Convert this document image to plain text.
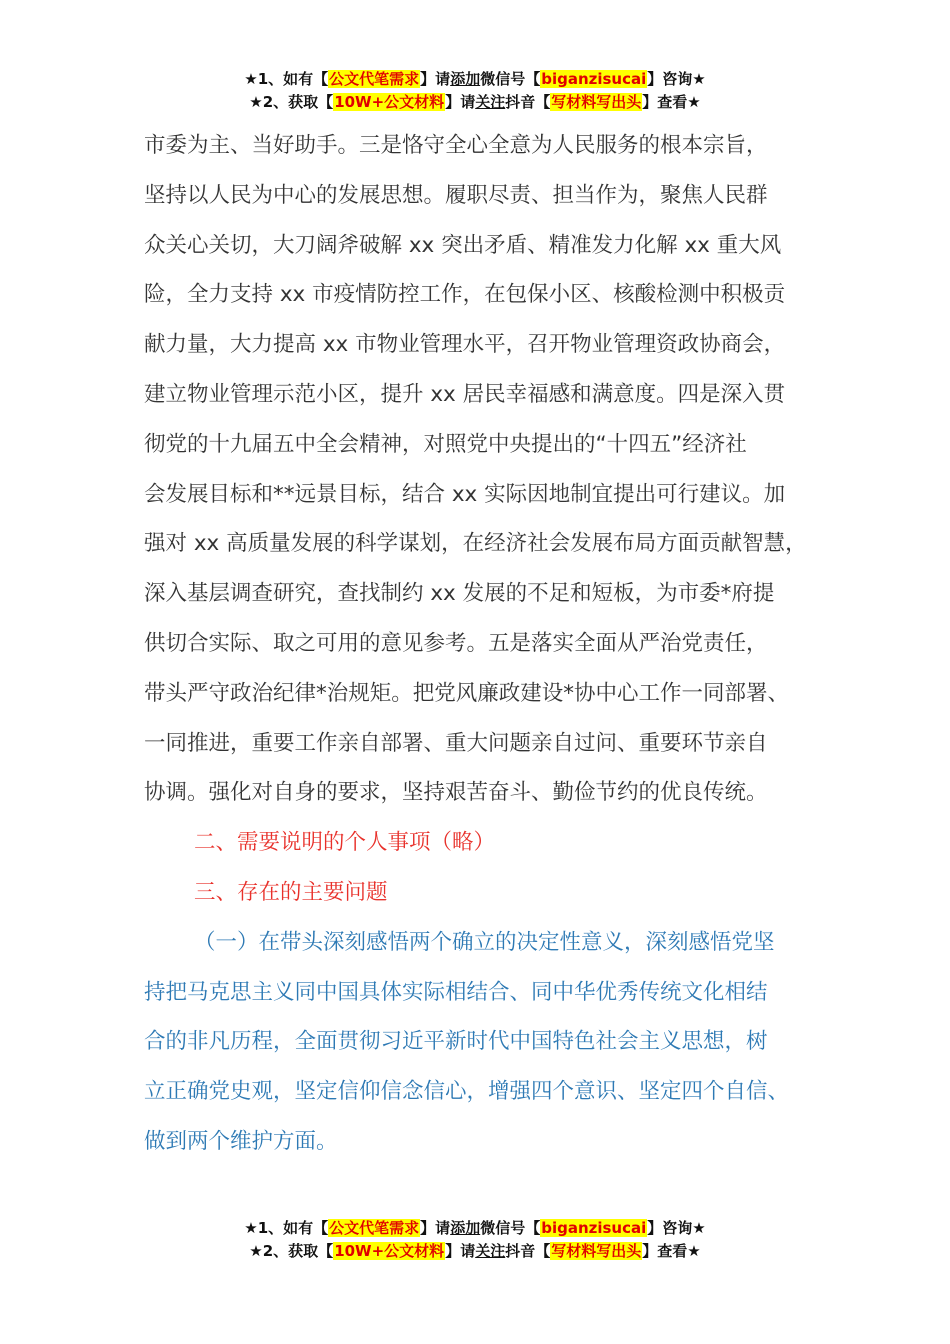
★1、如有【公文代笔需求】请添加微信号【biganzisucai】咨询★
★2、获取【10W+公文材料】请关注抖音【写材料写出头】查看★
市委为主、当好助手。三是恪守全心全意为人民服务的根本宗旨，
坚持以人民为中心的发展思想。履职尽责、担当作为，聚焦人民群
众关心关切，大刀阔斧破解 xx 突出矛盾、精准发力化解 xx 重大风
险，全力支持 xx 市疫情防控工作，在包保小区、核酸检测中积极贡
献力量，大力提高 xx 市物业管理水平，召开物业管理资政协商会，
建立物业管理示范小区，提升 xx 居民幸福感和满意度。四是深入贯
彻党的十九届五中全会精神，对照党中央提出的“十四五”经济社
会发展目标和**远景目标，结合 xx 实际因地制宜提出可行建议。加
强对 xx 高质量发展的科学谋划，在经济社会发展布局方面贡献智慧，
深入基层调查研究，查找制约 xx 发展的不足和短板，为市委*府提
供切合实际、取之可用的意见参考。五是落实全面从严治党责任，
带头严守政治纪律*治规矩。把党风廉政建设*协中心工作一同部署、
一同推进，重要工作亲自部署、重大问题亲自过问、重要环节亲自
协调。强化对自身的要求，坚持艰苦奋斗、勤俭节约的优良传统。
二、需要说明的个人事项（略）
三、存在的主要问题
（一）在带头深刻感悟两个确立的决定性意义，深刻感悟党坚
持把马克思主义同中国具体实际相结合、同中华优秀传统文化相结
合的非凡历程，全面贯彻习近平新时代中国特色社会主义思想，树
立正确党史观，坚定信仰信念信心，增强四个意识、坚定四个自信、
做到两个维护方面。
★1、如有【公文代笔需求】请添加微信号【biganzisucai】咨询★
★2、获取【10W+公文材料】请关注抖音【写材料写出头】查看★
